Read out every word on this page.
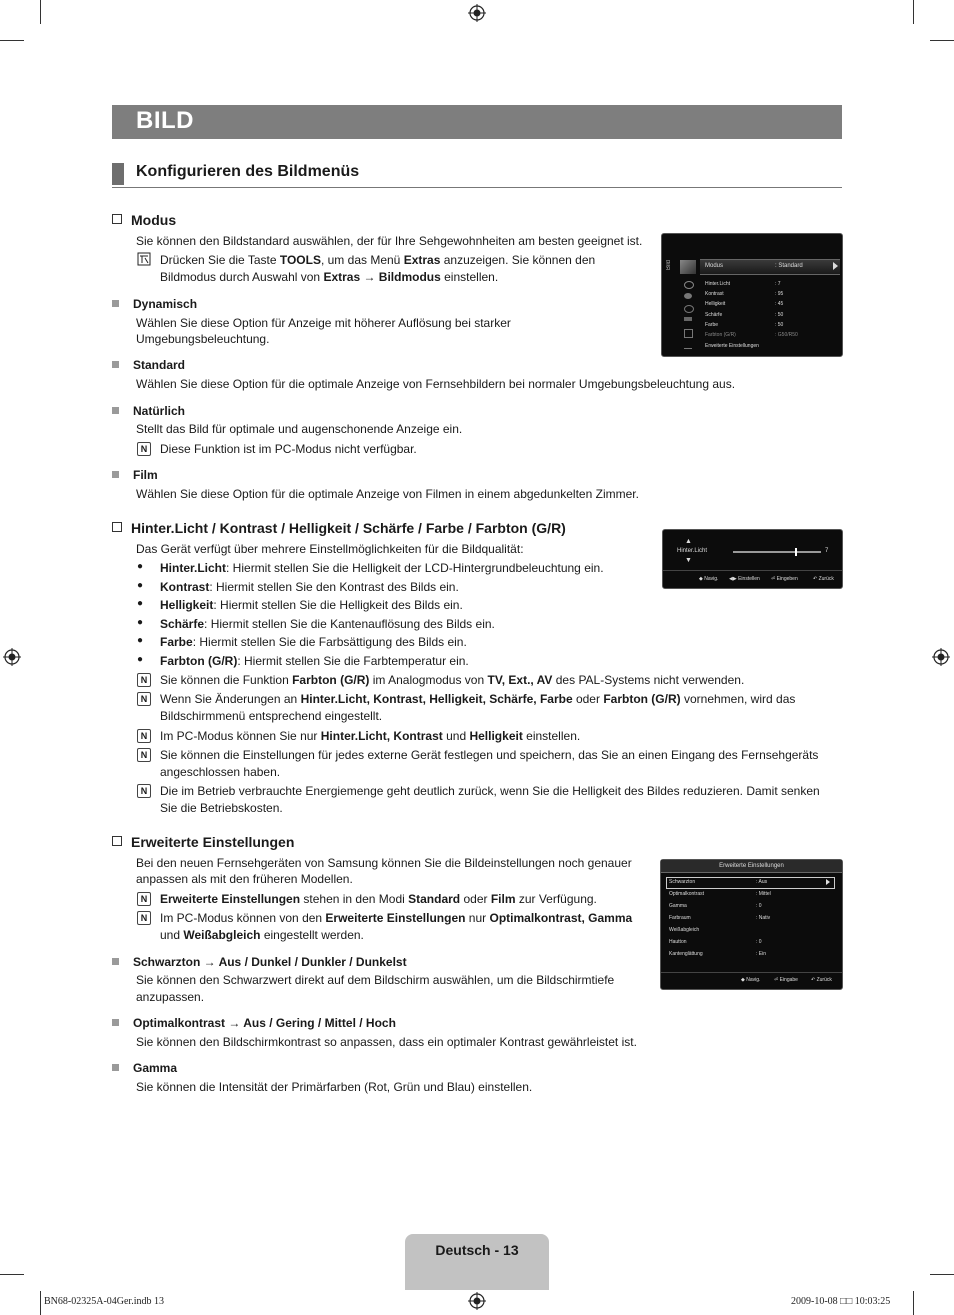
BILD
Konfigurieren des Bildmenüs
Modus
Sie können den Bildstandard auswählen, der für Ihre Sehgewohnheiten am besten geeignet ist.
Drücken Sie die Taste TOOLS, um das Menü Extras anzuzeigen. Sie können den
Bildmodus durch Auswahl von Extras → Bildmodus einstellen.
Dynamisch
Wählen Sie diese Option für Anzeige mit höherer Auflösung bei starker
Umgebungsbeleuchtung.
Standard
Wählen Sie diese Option für die optimale Anzeige von Fernsehbildern bei normaler Umgebungsbeleuchtung aus.
Natürlich
Stellt das Bild für optimale und augenschonende Anzeige ein.
N	Diese Funktion ist im PC-Modus nicht verfügbar.
Film
Wählen Sie diese Option für die optimale Anzeige von Filmen in einem abgedunkelten Zimmer.
Bild	Modus	: Standard
Hinter.Licht	: 7
Kontrast	: 95
Helligkeit	: 45
Schärfe	: 50
Farbe	: 50
Farbton (G/R)	: G50/R50
Erweiterte Einstellungen
Hinter.Licht / Kontrast / Helligkeit / Schärfe / Farbe / Farbton (G/R)
Das Gerät verfügt über mehrere Einstellmöglichkeiten für die Bildqualität:
● Hinter.Licht: Hiermit stellen Sie die Helligkeit der LCD-Hintergrundbeleuchtung ein.
● Kontrast: Hiermit stellen Sie den Kontrast des Bilds ein.
● Helligkeit: Hiermit stellen Sie die Helligkeit des Bilds ein.
● Schärfe: Hiermit stellen Sie die Kantenauflösung des Bilds ein.
● Farbe: Hiermit stellen Sie die Farbsättigung des Bilds ein.
● Farbton (G/R): Hiermit stellen Sie die Farbtemperatur ein.
N	Sie können die Funktion Farbton (G/R) im Analogmodus von TV, Ext., AV des PAL-Systems nicht verwenden.
N	Wenn Sie Änderungen an Hinter.Licht, Kontrast, Helligkeit, Schärfe, Farbe oder Farbton (G/R) vornehmen, wird das
Bildschirmmenü entsprechend eingestellt.
N	Im PC-Modus können Sie nur Hinter.Licht, Kontrast und Helligkeit einstellen.
N	Sie können die Einstellungen für jedes externe Gerät festlegen und speichern, das Sie an einen Eingang des Fernsehgeräts
angeschlossen haben.
N	Die im Betrieb verbrauchte Energiemenge geht deutlich zurück, wenn Sie die Helligkeit des Bildes reduzieren. Damit senken
Sie die Betriebskosten.
▲
Hinter.Licht
▼
7
◆ Navig. ◀▶ Einstellen ⏎ Eingeben	↶ Zurück
Erweiterte Einstellungen
Bei den neuen Fernsehgeräten von Samsung können Sie die Bildeinstellungen noch genauer
anpassen als mit den früheren Modellen.
N	Erweiterte Einstellungen stehen in den Modi Standard oder Film zur Verfügung.
N	Im PC-Modus können von den Erweiterte Einstellungen nur Optimalkontrast, Gamma
und Weißabgleich eingestellt werden.
Schwarzton → Aus / Dunkel / Dunkler / Dunkelst
Sie können den Schwarzwert direkt auf dem Bildschirm auswählen, um die Bildschirmtiefe
anzupassen.
Optimalkontrast → Aus / Gering / Mittel / Hoch
Sie können den Bildschirmkontrast so anpassen, dass ein optimaler Kontrast gewährleistet ist.
Gamma
Sie können die Intensität der Primärfarben (Rot, Grün und Blau) einstellen.
Erweiterte Einstellungen
Schwarzton	: Aus
Optimalkontrast	: Mittel
Gamma	: 0
Farbraum	: Nativ
Weißabgleich
Hautton	: 0
Kantenglättung	: Ein
◆ Navig.	⏎ Eingabe	↶ Zurück
Deutsch - 13
BN68-02325A-04Ger.indb 13	2009-10-08 □□ 10:03:25
